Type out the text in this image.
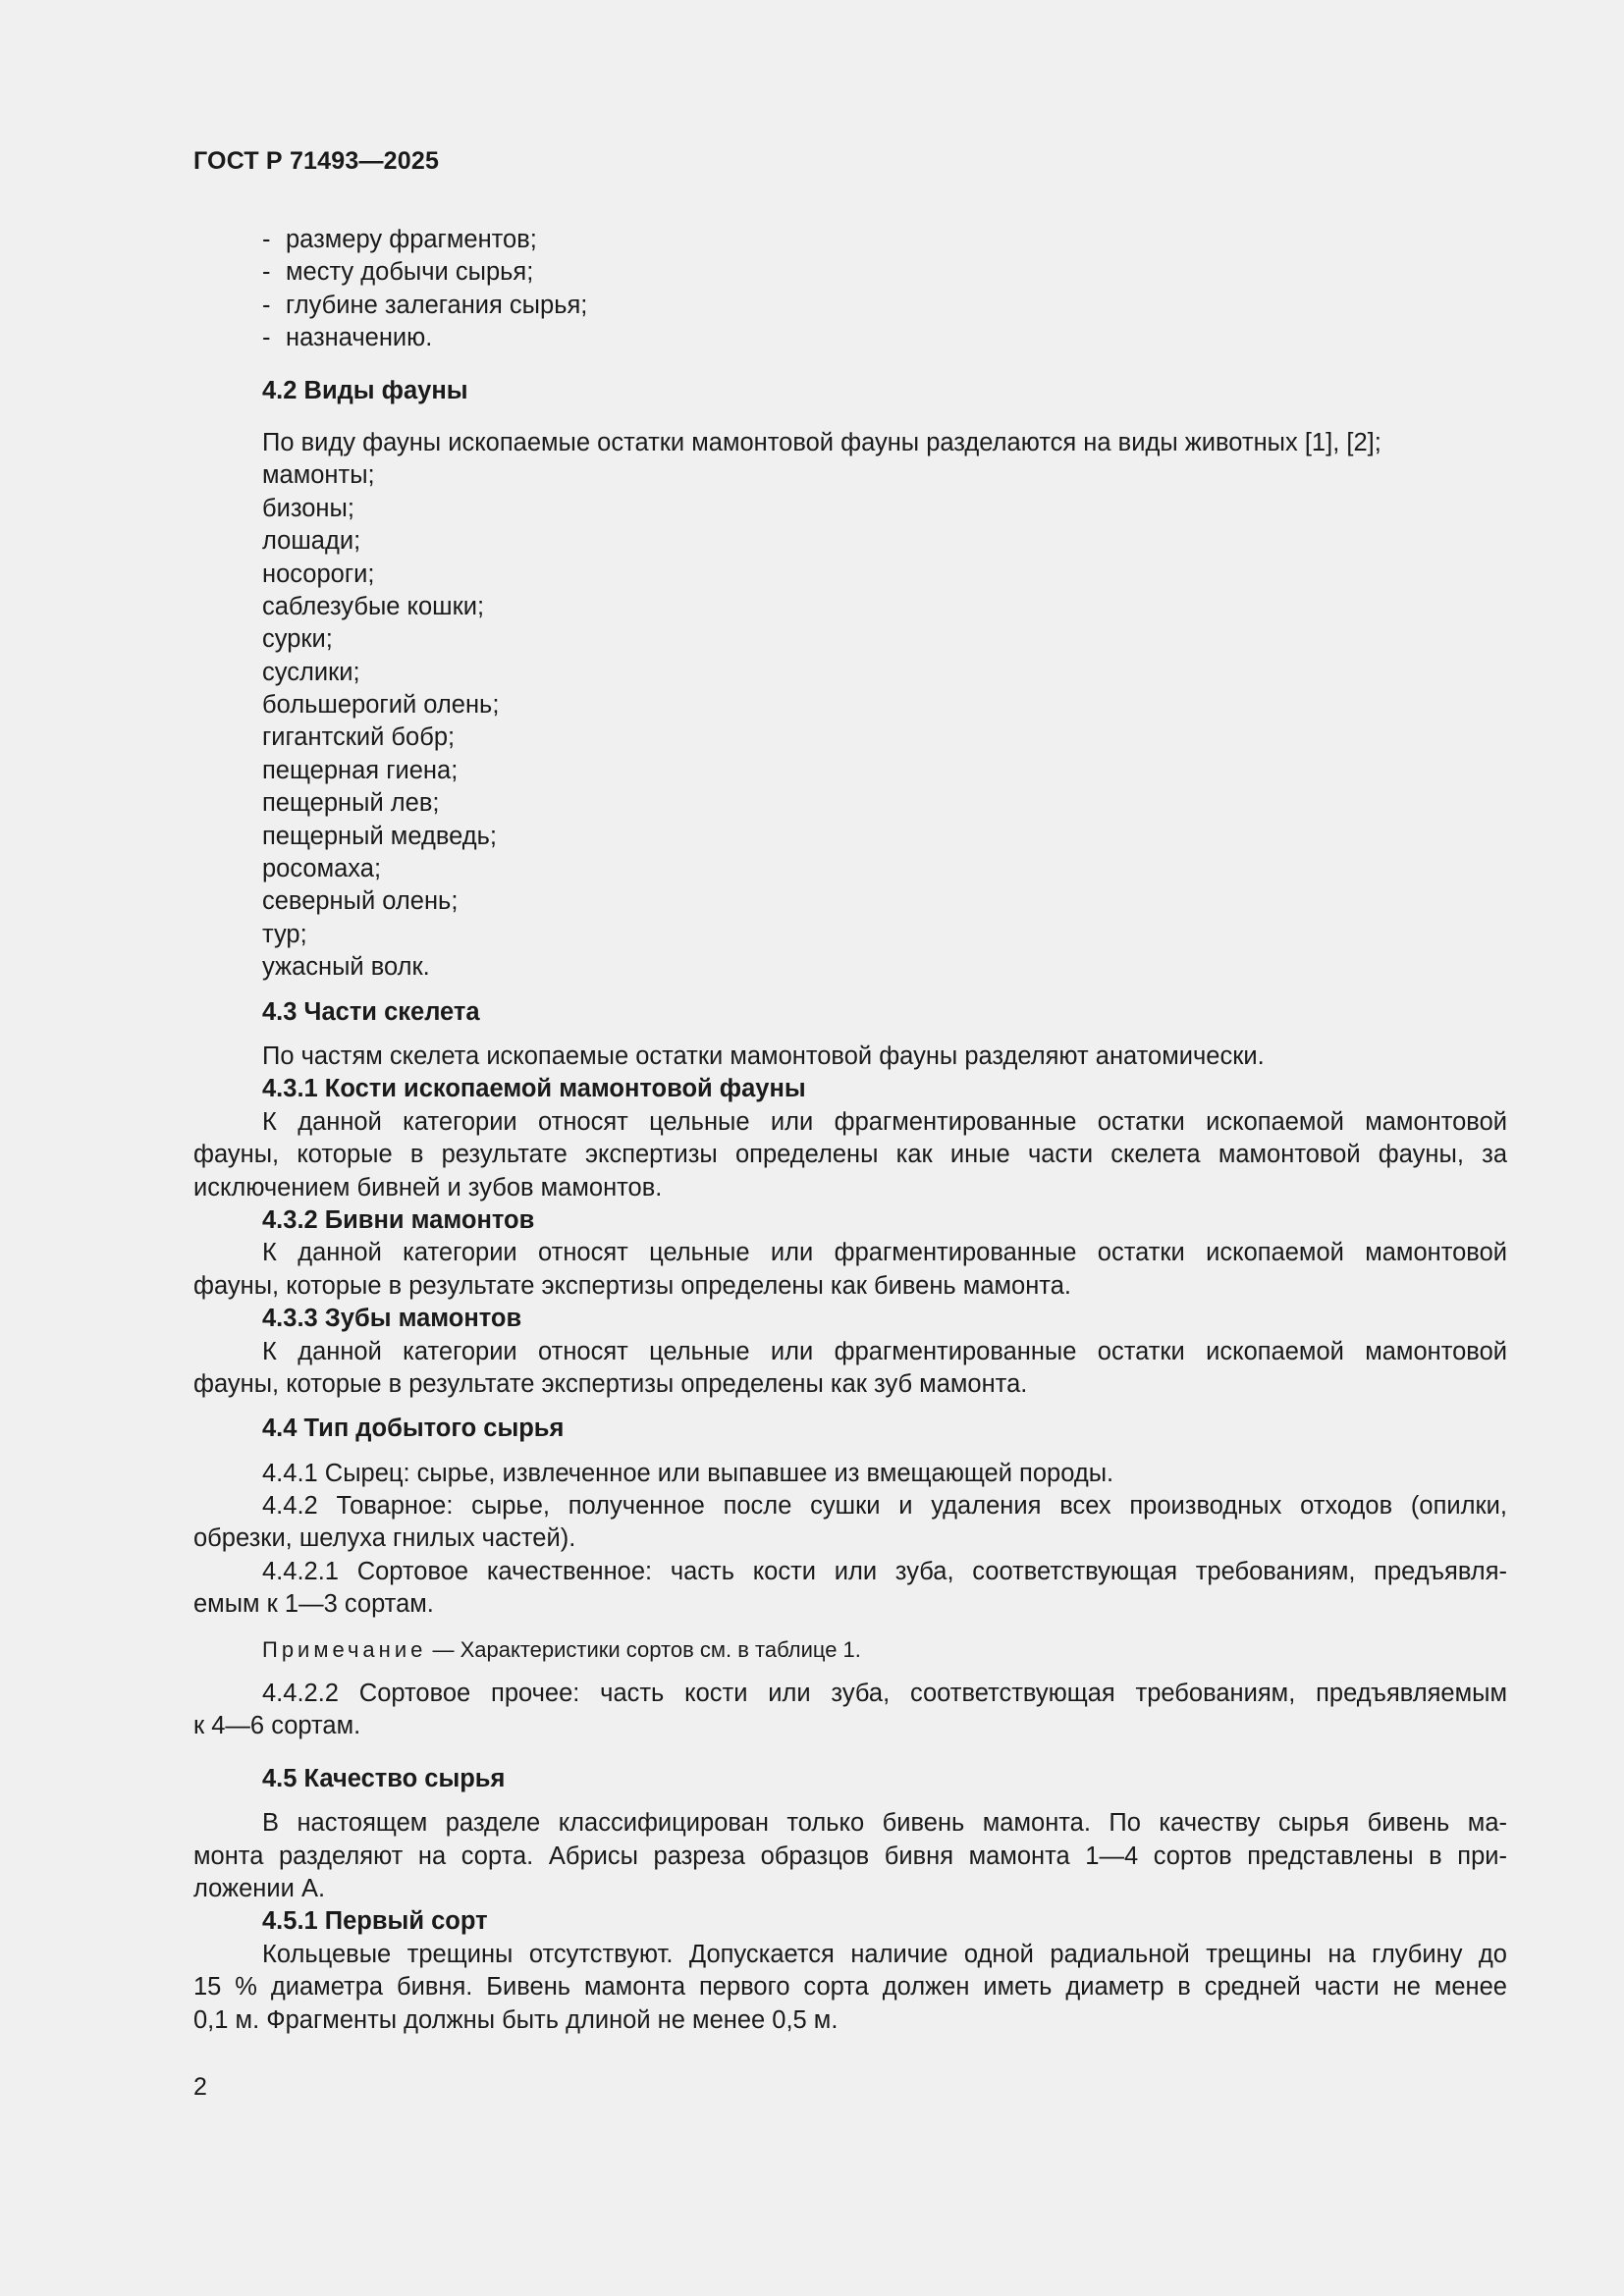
ГОСТ Р 71493—2025
- размеру фрагментов;
- месту добычи сырья;
- глубине залегания сырья;
- назначению.
4.2 Виды фауны
По виду фауны ископаемые остатки мамонтовой фауны разделаются на виды животных [1], [2];
мамонты;
бизоны;
лошади;
носороги;
саблезубые кошки;
сурки;
суслики;
большерогий олень;
гигантский бобр;
пещерная гиена;
пещерный лев;
пещерный медведь;
росомаха;
северный олень;
тур;
ужасный волк.
4.3 Части скелета
По частям скелета ископаемые остатки мамонтовой фауны разделяют анатомически.
4.3.1 Кости ископаемой мамонтовой фауны
К данной категории относят цельные или фрагментированные остатки ископаемой мамонтовой
фауны, которые в результате экспертизы определены как иные части скелета мамонтовой фауны, за
исключением бивней и зубов мамонтов.
4.3.2 Бивни мамонтов
К данной категории относят цельные или фрагментированные остатки ископаемой мамонтовой
фауны, которые в результате экспертизы определены как бивень мамонта.
4.3.3 Зубы мамонтов
К данной категории относят цельные или фрагментированные остатки ископаемой мамонтовой
фауны, которые в результате экспертизы определены как зуб мамонта.
4.4 Тип добытого сырья
4.4.1 Сырец: сырье, извлеченное или выпавшее из вмещающей породы.
4.4.2 Товарное: сырье, полученное после сушки и удаления всех производных отходов (опилки,
обрезки, шелуха гнилых частей).
4.4.2.1 Сортовое качественное: часть кости или зуба, соответствующая требованиям, предъявля-
емым к 1—3 сортам.
Примечание — Характеристики сортов см. в таблице 1.
4.4.2.2 Сортовое прочее: часть кости или зуба, соответствующая требованиям, предъявляемым
к 4—6 сортам.
4.5 Качество сырья
В настоящем разделе классифицирован только бивень мамонта. По качеству сырья бивень ма-
монта разделяют на сорта. Абрисы разреза образцов бивня мамонта 1—4 сортов представлены в при-
ложении А.
4.5.1 Первый сорт
Кольцевые трещины отсутствуют. Допускается наличие одной радиальной трещины на глубину до
15 % диаметра бивня. Бивень мамонта первого сорта должен иметь диаметр в средней части не менее
0,1 м. Фрагменты должны быть длиной не менее 0,5 м.
2
